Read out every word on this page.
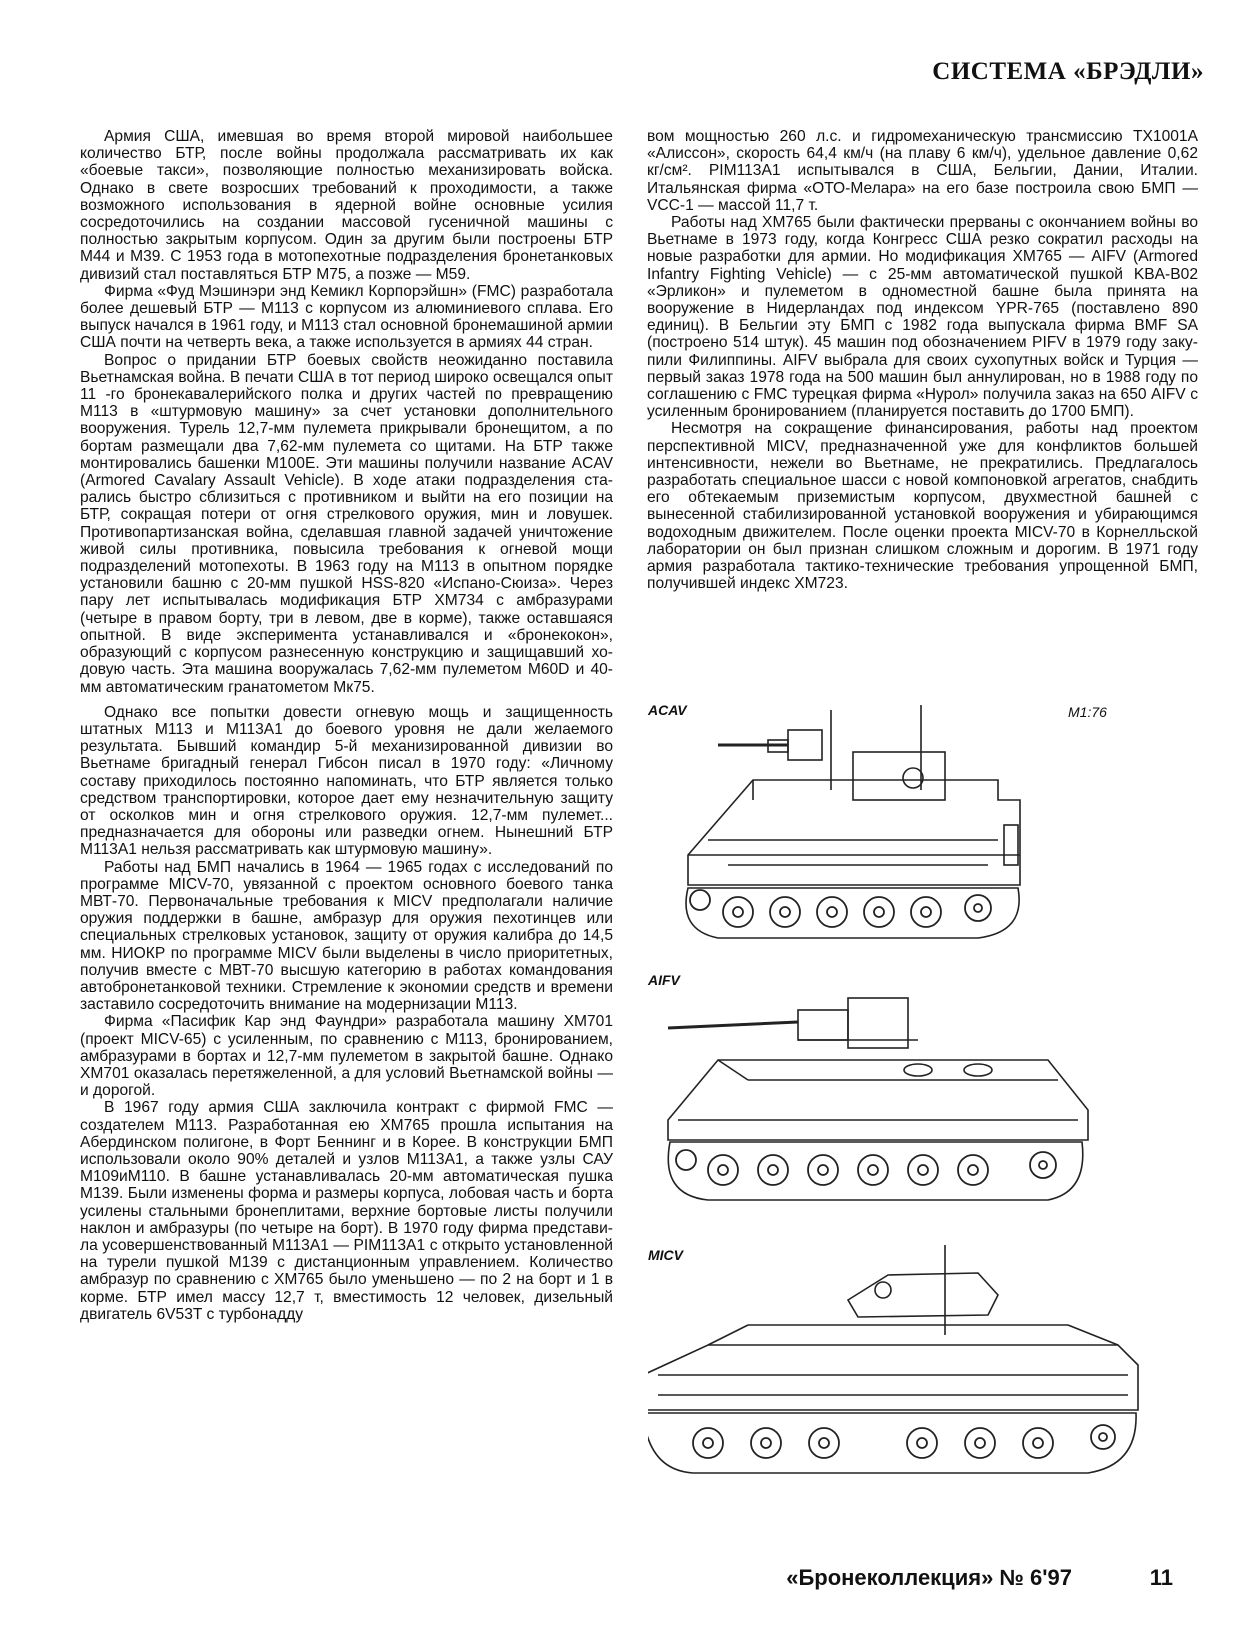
СИСТЕМА «БРЭДЛИ»

Армия США, имевшая во время второй мировой наибольшее количество БТР, после войны продолжала рассматривать их как «боевые такси», позволяющие полностью механизировать войска. Однако в свете возросших требований к проходимости, а также возможного использования в ядерной войне основные усилия сосредоточились на создании массовой гусеничной машины с полностью закрытым корпусом. Один за другим были построены БТР М44 и М39. С 1953 года в мотопехотные подразделения бронетанковых дивизий стал поставляться БТР М75, а позже — М59.

Фирма «Фуд Мэшинэри энд Кемикл Корпорэйшн» (FMC) разработала более дешевый БТР — М113 с корпусом из алюминиевого сплава. Его выпуск начался в 1961 году, и М113 стал основной бронемашиной армии США почти на четверть века, а также используется в армиях 44 стран.

Вопрос о придании БТР боевых свойств неожиданно поставила Вьетнамская война. В печати США в тот период широко освещался опыт 11 -го бронекавалерийского полка и других частей по превращению М113 в «штурмовую машину» за счет установки дополнительного вооружения. Турель 12,7-мм пулемета прикрывали бронещитом, а по бортам размещали два 7,62-мм пулемета со щитами. На БТР также монтировались башенки М100Е. Эти машины получили название ACAV (Armored Cavalary Assault Vehicle). В ходе атаки подразделения старались быстро сблизиться с противником и выйти на его позиции на БТР, сокращая потери от огня стрелкового оружия, мин и ловушек. Противопартизанская война, сделавшая главной задачей уничтожение живой силы противника, повысила требования к огневой мощи подразделений мотопехоты. В 1963 году на М113 в опытном порядке установили башню с 20-мм пушкой HSS-820 «Испано-Сюиза». Через пару лет испытывалась модификация БТР ХМ734 с амбразурами (четыре в правом борту, три в левом, две в корме), также оставшаяся опытной. В виде эксперимента устанавливался и «бронекокон», образующий с корпусом разнесенную конструкцию и защищавший ходовую часть. Эта машина вооружалась 7,62-мм пулеметом M60D и 40-мм автоматическим гранатометом Мк75.

Однако все попытки довести огневую мощь и защищенность штатных М113 и М113А1 до боевого уровня не дали желаемого результата. Бывший командир 5-й механизированной дивизии во Вьетнаме бригадный генерал Гибсон писал в 1970 году: «Личному составу приходилось постоянно напоминать, что БТР является только средством транспортировки, которое дает ему незначительную защиту от осколков мин и огня стрелкового оружия. 12,7-мм пулемет... предназначается для обороны или разведки огнем. Нынешний БТР М113А1 нельзя рассматривать как штурмовую машину».

Работы над БМП начались в 1964 — 1965 годах с исследований по программе MICV-70, увязанной с проектом основного боевого танка МВТ-70. Первоначальные требования к MICV предполагали наличие оружия поддержки в башне, амбразур для оружия пехотинцев или специальных стрелковых установок, защиту от оружия калибра до 14,5 мм. НИОКР по программе MICV были выделены в число приоритетных, получив вместе с МВТ-70 высшую категорию в работах командования автобронетанковой техники. Стремление к экономии средств и времени заставило сосредоточить внимание на модернизации М113.

Фирма «Пасифик Кар энд Фаундри» разработала машину ХМ701 (проект MICV-65) с усиленным, по сравнению с М113, бронированием, амбразурами в бортах и 12,7-мм пулеметом в закрытой башне. Однако ХМ701 оказалась перетяжеленной, а для условий Вьетнамской войны — и дорогой.

В 1967 году армия США заключила контракт с фирмой FMC — создателем М113. Разработанная ею ХМ765 прошла испытания на Абердинском полигоне, в Форт Беннинг и в Корее. В конструкции БМП использовали около 90% деталей и узлов М113А1, а также узлы САУ М109иМ110. В башне устанавливалась 20-мм автоматическая пушка М139. Были изменены форма и размеры корпуса, лобовая часть и борта усилены стальными бронеплитами, верхние бортовые листы получили наклон и амбразуры (по четыре на борт). В 1970 году фирма представила усовершенствованный М113А1 — PIM113A1 с открыто установленной на турели пушкой М139 с дистанционным управлением. Количество амбразур по сравнению с ХМ765 было уменьшено — по 2 на борт и 1 в корме. БТР имел массу 12,7 т, вместимость 12 человек, дизельный двигатель 6V53T с турбонадду

вом мощностью 260 л.с. и гидромеханическую трансмиссию ТХ1001А «Алиссон», скорость 64,4 км/ч (на плаву 6 км/ч), удельное давление 0,62 кг/см². PIM113A1 испытывался в США, Бельгии, Дании, Италии. Итальянская фирма «ОТО-Мелара» на его базе построила свою БМП — VCC-1 — массой 11,7 т.

Работы над ХМ765 были фактически прерваны с окончанием войны во Вьетнаме в 1973 году, когда Конгресс США резко сократил расходы на новые разработки для армии. Но модификация ХМ765 — AIFV (Armored Infantry Fighting Vehicle) — с 25-мм автоматической пушкой KBA-B02 «Эрликон» и пулеметом в одноместной башне была принята на вооружение в Нидерландах под индексом YPR-765 (поставлено 890 единиц). В Бельгии эту БМП с 1982 года выпускала фирма BMF SA (построено 514 штук). 45 машин под обозначением PIFV в 1979 году закупили Филиппины. AIFV выбрала для своих сухопутных войск и Турция — первый заказ 1978 года на 500 машин был аннулирован, но в 1988 году по соглашению с FMC турецкая фирма «Нурол» получила заказ на 650 AIFV с усиленным бронированием (планируется поставить до 1700 БМП).

Несмотря на сокращение финансирования, работы над проектом перспективной MICV, предназначенной уже для конфликтов большей интенсивности, нежели во Вьетнаме, не прекратились. Предлагалось разработать специальное шасси с новой компоновкой агрегатов, снабдить его обтекаемым приземистым корпусом, двухместной башней с вынесенной стабилизированной установкой вооружения и убирающимся водоходным движителем. После оценки проекта MICV-70 в Корнелльской лаборатории он был признан слишком сложным и дорогим. В 1971 году армия разработала тактико-технические требования упрощенной БМП, получившей индекс ХМ723.

ACAV	M1:76
AIFV
MICV
«Бронеколлекция» № 6'97	11
